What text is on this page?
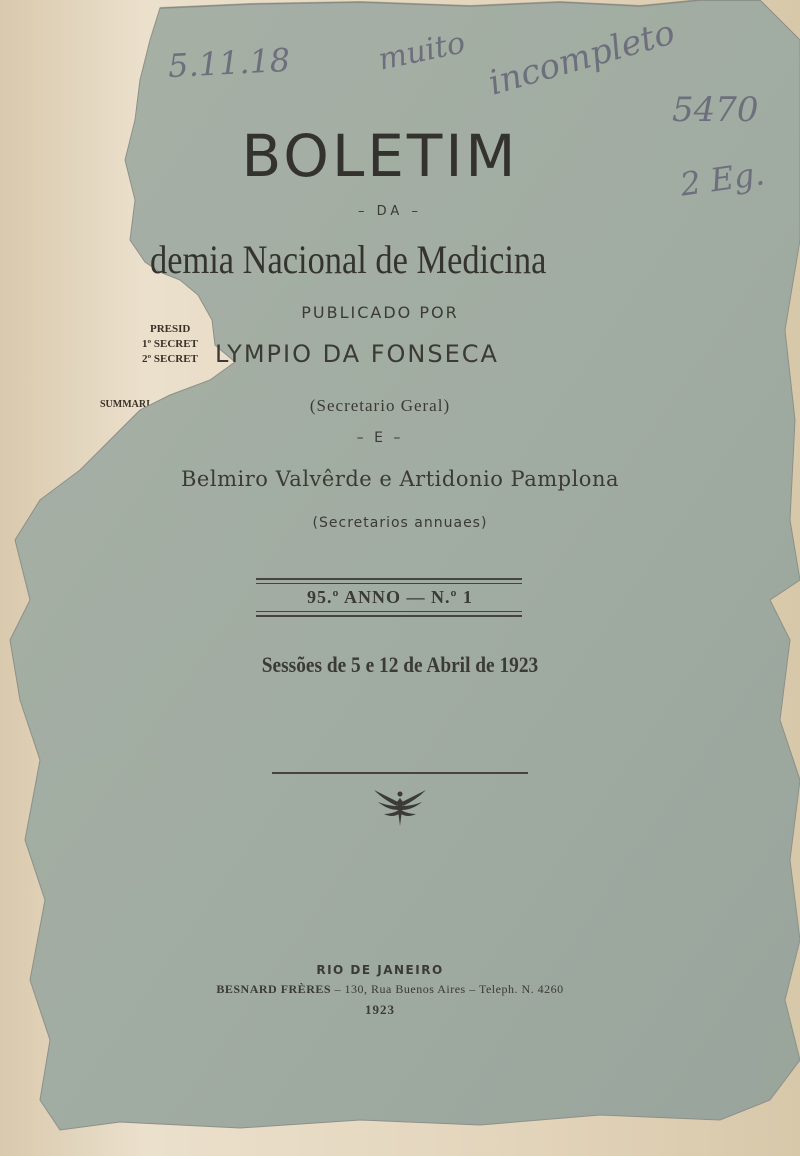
PRESID
1º SECRET
2º SECRET
SUMMARI
5.11.18	muito incompleto
5470
2 Eg.
BOLETIM
– DA –
demia Nacional de Medicina
PUBLICADO POR
LYMPIO DA FONSECA
(Secretario Geral)
– E –
Belmiro Valvêrde e Artidonio Pamplona
(Secretarios annuaes)
95.º ANNO — N.º 1
Sessões de 5 e 12 de Abril de 1923
RIO DE JANEIRO
BESNARD FRÈRES – 130, Rua Buenos Aires – Teleph. N. 4260
1923
